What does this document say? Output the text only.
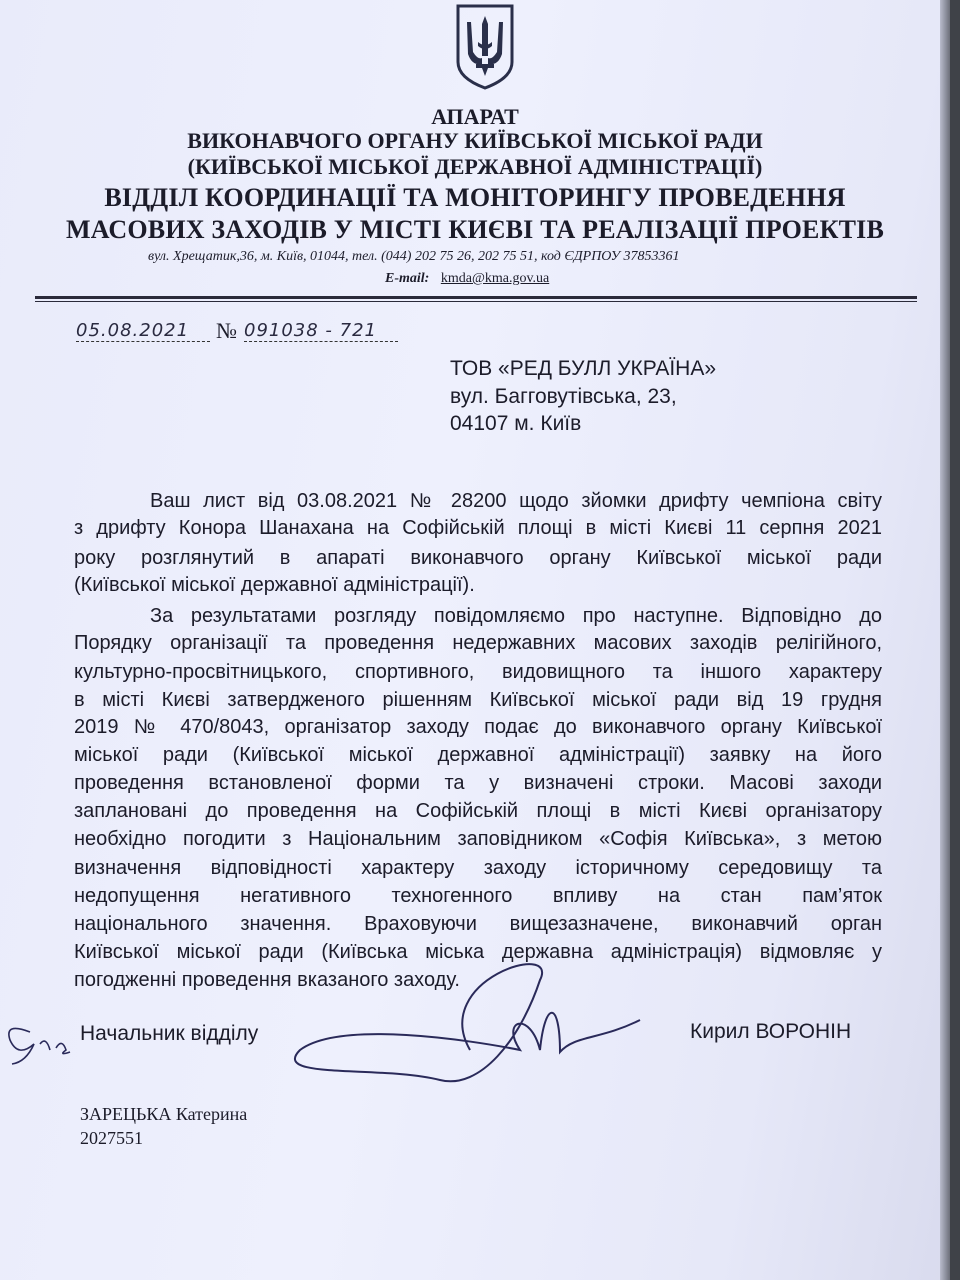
АПАРАТ
ВИКОНАВЧОГО ОРГАНУ КИЇВСЬКОЇ МІСЬКОЇ РАДИ
(КИЇВСЬКОЇ МІСЬКОЇ ДЕРЖАВНОЇ АДМІНІСТРАЦІЇ)
ВІДДІЛ КООРДИНАЦІЇ ТА МОНІТОРИНГУ ПРОВЕДЕННЯ
МАСОВИХ ЗАХОДІВ У МІСТІ КИЄВІ ТА РЕАЛІЗАЦІЇ ПРОЕКТІВ
вул. Хрещатик,36, м. Київ, 01044, тел. (044) 202 75 26, 202 75 51, код ЄДРПОУ 37853361
E-mail: kmda@kma.gov.ua
05.08.2021	№ 091038 - 721
ТОВ «РЕД БУЛЛ УКРАЇНА»
вул. Багговутівська, 23,
04107 м. Київ
Ваш лист від 03.08.2021 № 28200 щодо зйомки дрифту чемпіона світу
з дрифту Конора Шанахана на Софійській площі в місті Києві 11 серпня 2021
року розглянутий в апараті виконавчого органу Київської міської ради
(Київської міської державної адміністрації).
За результатами розгляду повідомляємо про наступне. Відповідно до
Порядку організації та проведення недержавних масових заходів релігійного,
культурно-просвітницького, спортивного, видовищного та іншого характеру
в місті Києві затвердженого рішенням Київської міської ради від 19 грудня
2019 № 470/8043, організатор заходу подає до виконавчого органу Київської
міської ради (Київської міської державної адміністрації) заявку на його
проведення встановленої форми та у визначені строки. Масові заходи
заплановані до проведення на Софійській площі в місті Києві організатору
необхідно погодити з Національним заповідником «Софія Київська», з метою
визначення відповідності характеру заходу історичному середовищу та
недопущення негативного техногенного впливу на стан пам’яток
національного значення. Враховуючи вищезазначене, виконавчий орган
Київської міської ради (Київська міська державна адміністрація) відмовляє у
погодженні проведення вказаного заходу.
Начальник відділу	Кирил ВОРОНІН
ЗАРЕЦЬКА Катерина
2027551
